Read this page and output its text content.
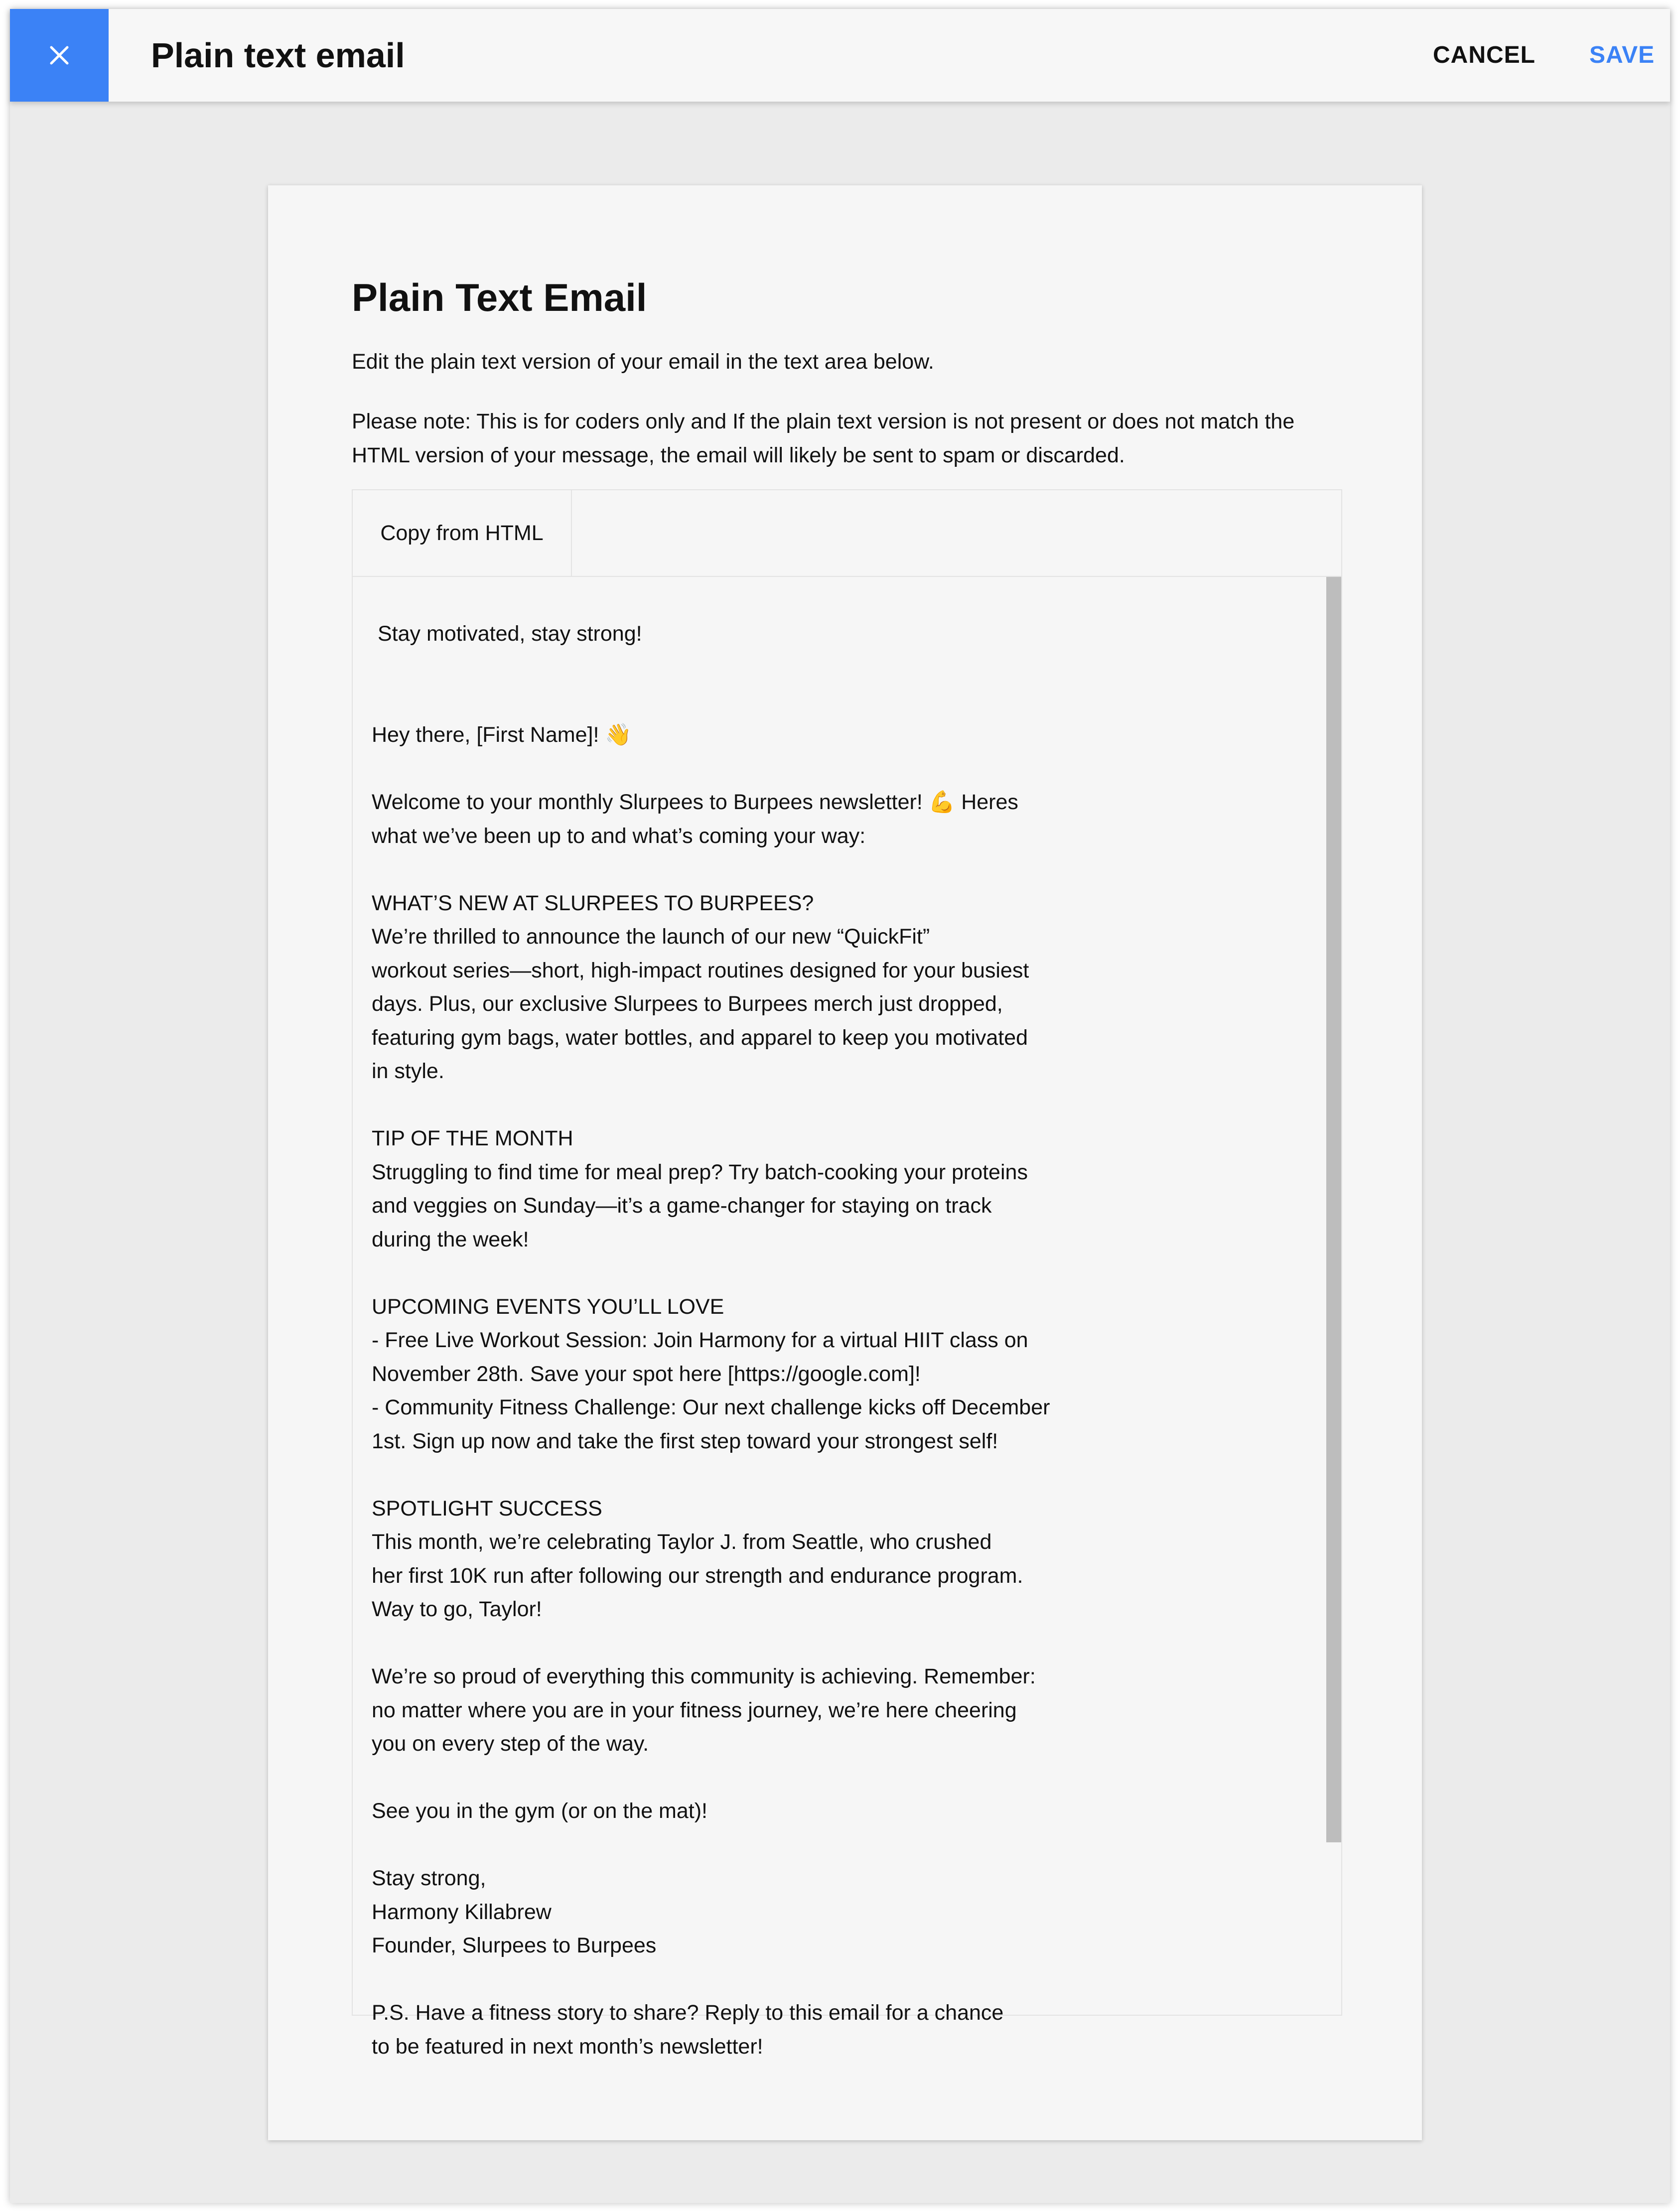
Plain text email	CANCEL SAVE
Plain Text Email
Edit the plain text version of your email in the text area below.
Please note: This is for coders only and If the plain text version is not present or does not match the HTML version of your message, the email will likely be sent to spam or discarded.
Copy from HTML
Stay motivated, stay strong!
Hey there, [First Name]! 👋

Welcome to your monthly Slurpees to Burpees newsletter! 💪 Heres
what we’ve been up to and what’s coming your way:

WHAT’S NEW AT SLURPEES TO BURPEES?
We’re thrilled to announce the launch of our new “QuickFit”
workout series—short, high-impact routines designed for your busiest
days. Plus, our exclusive Slurpees to Burpees merch just dropped,
featuring gym bags, water bottles, and apparel to keep you motivated
in style.

TIP OF THE MONTH
Struggling to find time for meal prep? Try batch-cooking your proteins
and veggies on Sunday—it’s a game-changer for staying on track
during the week!

UPCOMING EVENTS YOU’LL LOVE
- Free Live Workout Session: Join Harmony for a virtual HIIT class on
November 28th. Save your spot here [https://google.com]!
- Community Fitness Challenge: Our next challenge kicks off December
1st. Sign up now and take the first step toward your strongest self!

SPOTLIGHT SUCCESS
This month, we’re celebrating Taylor J. from Seattle, who crushed
her first 10K run after following our strength and endurance program.
Way to go, Taylor!

We’re so proud of everything this community is achieving. Remember:
no matter where you are in your fitness journey, we’re here cheering
you on every step of the way.

See you in the gym (or on the mat)!

Stay strong,
Harmony Killabrew
Founder, Slurpees to Burpees

P.S. Have a fitness story to share? Reply to this email for a chance
to be featured in next month’s newsletter!
